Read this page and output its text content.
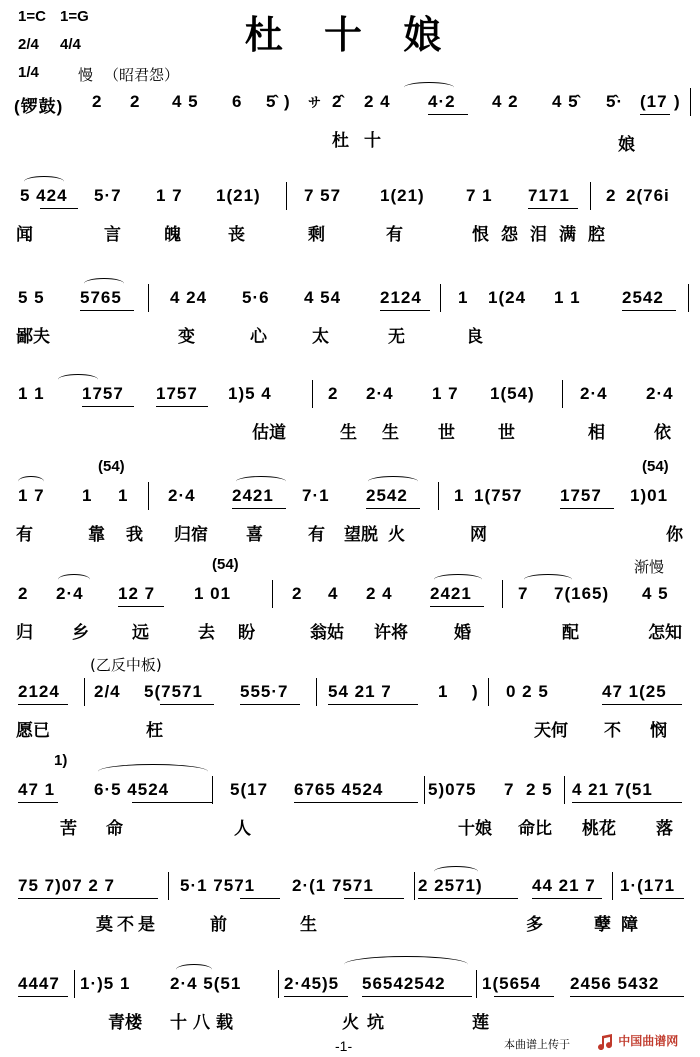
1=C 1=G
2/4 4/4
1/4	慢 （昭君怨）
杜 十 娘
(锣鼓) 2 2 4 5 6 5̂ ) サ 2̂ 2 4 4·2 4 2 4 5̂ 5̂· (17 )
杜 十	娘
5 424 5·7 1 7 1(21)	7 57 1(21) 7 1 7171 2 2(76i
闻	言	魄	丧	剩	有	恨怨泪满腔
5 5 5765	4 24 5·6 4 54 2124 1 1(24 1 1 2542
鄙夫	变	心	太	无	良
1 1 1757 1757 1)5 4	2 2·4 1 7 1(54)	2·4 2·4
估道	生 生 世	世	相	依
(54)	(54)
1 7 1 1 2·4 2421 7·1 2542	1 1(757 1757 1)01
有	靠 我 归宿 喜	有 望脱 火	网	你
(54)	渐慢
2 2·4 12 7 1 01	2 4 2 4 2421	7 7(165) 4 5
归 乡	远	去 盼	翁姑 许将	婚	配	怎知
(乙反中板)
2124 2/4 5(7571 555·7 54 21 7	1 ) 0 2 5	47 1(25
愿已	枉	天何 不 悯
1)
47 1 6·5 4524	5(17 6765 4524	5)075 7 2 5 4 21 7(51
苦 命	人	十娘 命比 桃花 落
75 7)07 2 7	5·1 7571 2·(1 7571	2 2571)	44 21 7 1·(171
莫不是	前	生	多	孽障
4447 1·)5 1 2·4 5(51	2·45)5 56542542 1(5654 2456 5432
青楼 十八载	火坑	莲
-1-	本曲谱上传于	中国曲谱网
